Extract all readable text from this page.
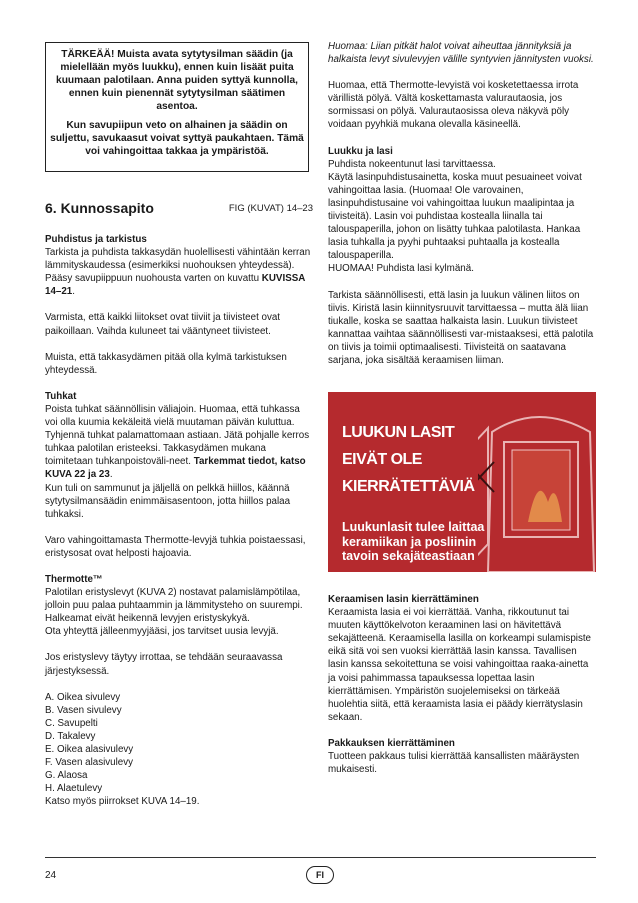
TÄRKEÄÄ! Muista avata sytytysilman säädin (ja mielellään myös luukku), ennen kuin lisäät puita kuumaan palotilaan. Anna puiden syttyä kunnolla, ennen kuin pienennät sytytysilman säätimen asentoa.

Kun savupiipun veto on alhainen ja säädin on suljettu, savukaasut voivat syttyä paukahtaen. Tämä voi vahingoittaa takkaa ja ympäristöä.

6. Kunnossapito	FIG (KUVAT) 14–23

Puhdistus ja tarkistus

Tarkista ja puhdista takkasydän huolellisesti vähintään kerran lämmityskaudessa (esimerkiksi nuohouksen yhteydessä).

Pääsy savupiippuun nuohousta varten on kuvattu KUVISSA 14–21.

Varmista, että kaikki liitokset ovat tiiviit ja tiivisteet ovat paikoillaan. Vaihda kuluneet tai vääntyneet tiivisteet.

Muista, että takkasydämen pitää olla kylmä tarkistuksen yhteydessä.

Tuhkat

Poista tuhkat säännöllisin väliajoin. Huomaa, että tuhkassa voi olla kuumia kekäleitä vielä muutaman päivän kuluttua. Tyhjennä tuhkat palamattomaan astiaan. Jätä pohjalle kerros tuhkaa palotilan eristeeksi. Takkasydämen mukana toimitetaan tuhkanpoistoväli-neet. Tarkemmat tiedot, katso KUVA 22 ja 23.

Kun tuli on sammunut ja jäljellä on pelkkä hiillos, käännä sytytysilmansäädin enimmäisasentoon, jotta hiillos palaa tuhkaksi.

Varo vahingoittamasta Thermotte-levyjä tuhkia poistaessasi, eristysosat ovat helposti hajoavia.

Thermotte™

Palotilan eristyslevyt (KUVA 2) nostavat palamislämpötilaa, jolloin puu palaa puhtaammin ja lämmitysteho on suurempi. Halkeamat eivät heikennä levyjen eristyskykyä.

Ota yhteyttä jälleenmyyjääsi, jos tarvitset uusia levyjä.

Jos eristyslevy täytyy irrottaa, se tehdään seuraavassa järjestyksessä.

A. Oikea sivulevy
B. Vasen sivulevy
C. Savupelti
D. Takalevy
E. Oikea alasivulevy
F. Vasen alasivulevy
G. Alaosa
H. Alaetulevy
Katso myös piirrokset KUVA 14–19.

Huomaa: Liian pitkät halot voivat aiheuttaa jännityksiä ja halkaista levyt sivulevyjen välille syntyvien jännitysten vuoksi.

Huomaa, että Thermotte-levyistä voi kosketettaessa irrota värillistä pölyä. Vältä koskettamasta valurautaosia, jos sormissasi on pölyä. Valurautaosissa oleva näkyvä pöly voidaan pyyhkiä mukana olevalla käsineellä.

Luukku ja lasi

Puhdista nokeentunut lasi tarvittaessa.
Käytä lasinpuhdistusainetta, koska muut pesuaineet voivat vahingoittaa lasia. (Huomaa! Ole varovainen, lasinpuhdistusaine voi vahingoittaa luukun maalipintaa ja tiivisteitä). Lasin voi puhdistaa kostealla liinalla tai talouspaperilla, johon on lisätty tuhkaa palotilasta. Hankaa lasia tuhkalla ja pyyhi puhtaaksi puhtaalla ja kostealla talouspaperilla.
HUOMAA! Puhdista lasi kylmänä.

Tarkista säännöllisesti, että lasin ja luukun välinen liitos on tiivis. Kiristä lasin kiinnitysruuvit tarvittaessa – mutta älä liian tiukalle, koska se saattaa halkaista lasin. Luukun tiivisteet kannattaa vaihtaa säännöllisesti var-mistaaksesi, että palotila on tiivis ja toimii optimaalisesti. Tiivisteitä on saatavana sarjana, joka sisältää keraamisen liiman.

LUUKUN LASIT
EIVÄT OLE
KIERRÄTETTÄVIÄ
Luukunlasit tulee laittaa
keramiikan ja posliinin
tavoin sekajäteastiaan

Keraamisen lasin kierrättäminen

Keraamista lasia ei voi kierrättää. Vanha, rikkoutunut tai muuten käyttökelvoton keraaminen lasi on hävitettävä sekajätteenä. Keraamisella lasilla on korkeampi sulamispiste eikä sitä voi sen vuoksi kierrättää lasin kanssa. Tavallisen lasin kanssa sekoitettuna se voisi vahingoittaa raaka-ainetta ja voisi pahimmassa tapauksessa lopettaa lasin kierrättämisen. Ympäristön suojelemiseksi on tärkeää huolehtia siitä, että keraamista lasia ei päädy kierrätyslasin sekaan.

Pakkauksen kierrättäminen

Tuotteen pakkaus tulisi kierrättää kansallisten määräysten mukaisesti.

24	FI
